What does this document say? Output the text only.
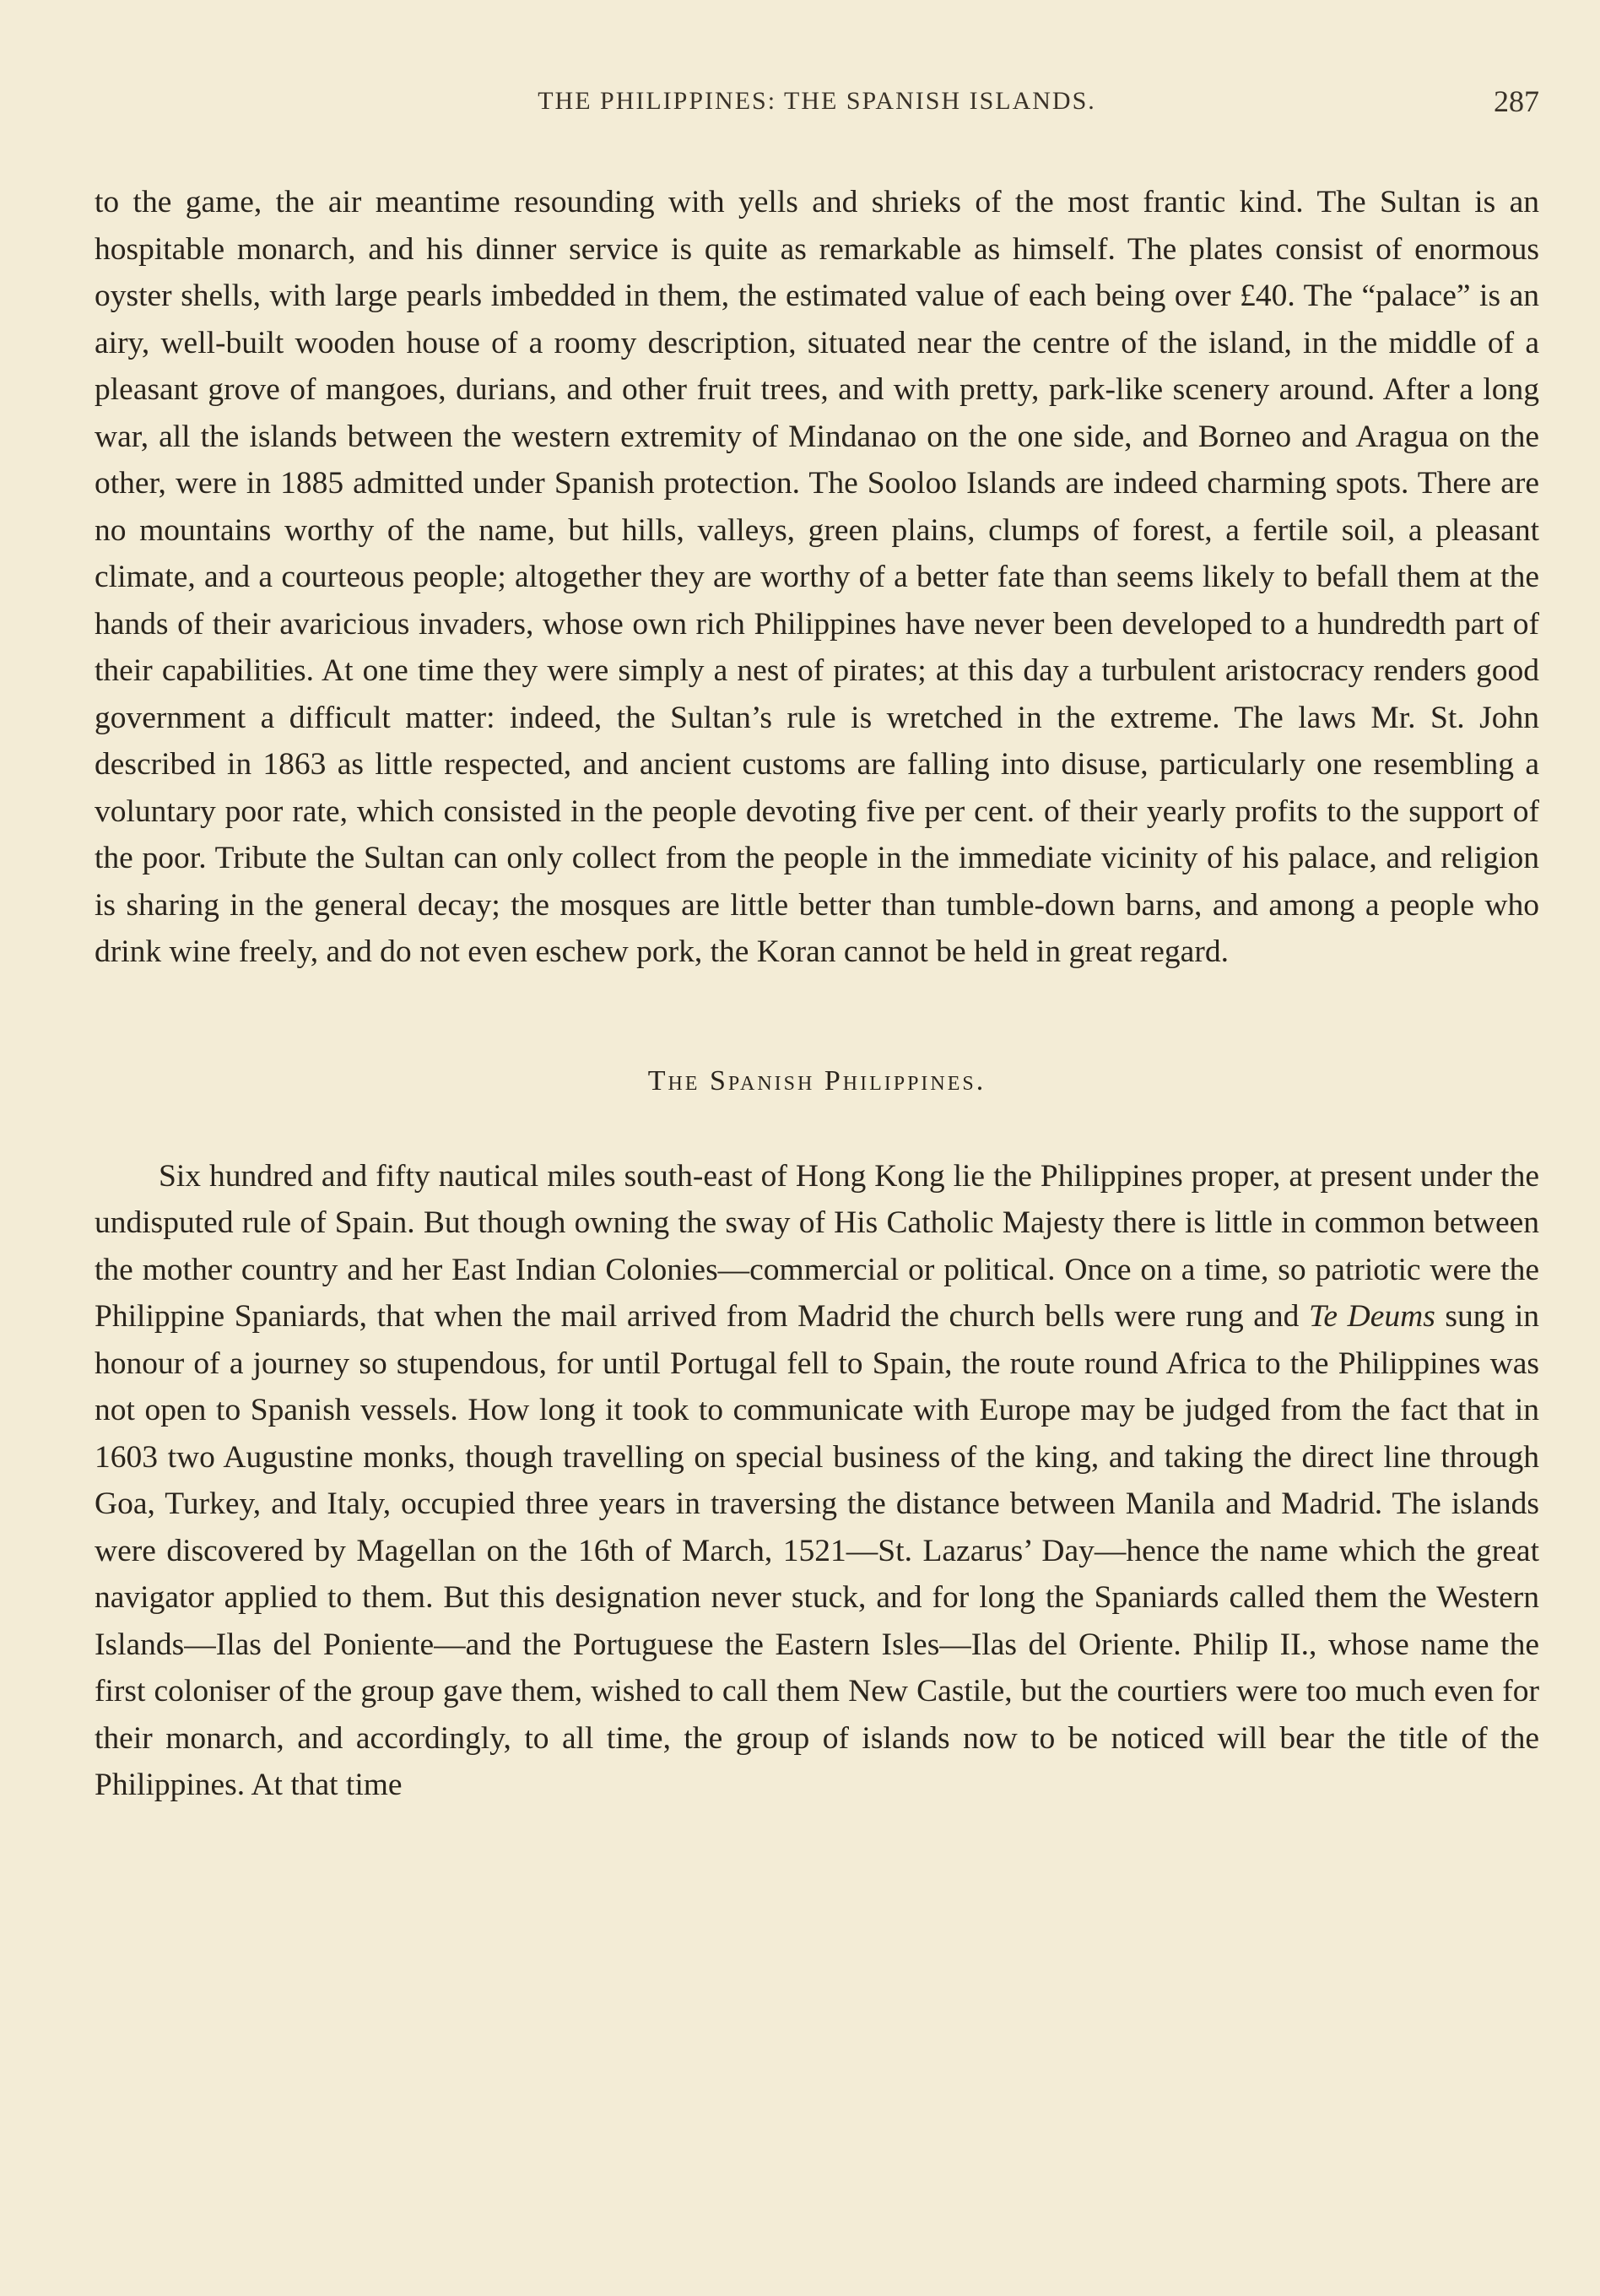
THE PHILIPPINES: THE SPANISH ISLANDS.	287

to the game, the air meantime resounding with yells and shrieks of the most frantic kind. The Sultan is an hospitable monarch, and his dinner service is quite as remarkable as himself. The plates consist of enormous oyster shells, with large pearls imbedded in them, the estimated value of each being over £40. The “palace” is an airy, well-built wooden house of a roomy description, situated near the centre of the island, in the middle of a pleasant grove of mangoes, durians, and other fruit trees, and with pretty, park-like scenery around. After a long war, all the islands between the western extremity of Mindanao on the one side, and Borneo and Aragua on the other, were in 1885 admitted under Spanish protection. The Sooloo Islands are indeed charming spots. There are no mountains worthy of the name, but hills, valleys, green plains, clumps of forest, a fertile soil, a pleasant climate, and a courteous people; altogether they are worthy of a better fate than seems likely to befall them at the hands of their avaricious invaders, whose own rich Philippines have never been developed to a hundredth part of their capabilities. At one time they were simply a nest of pirates; at this day a turbulent aristocracy renders good government a difficult matter: indeed, the Sultan’s rule is wretched in the extreme. The laws Mr. St. John described in 1863 as little respected, and ancient customs are falling into disuse, particularly one resembling a voluntary poor rate, which consisted in the people devoting five per cent. of their yearly profits to the support of the poor. Tribute the Sultan can only collect from the people in the immediate vicinity of his palace, and religion is sharing in the general decay; the mosques are little better than tumble-down barns, and among a people who drink wine freely, and do not even eschew pork, the Koran cannot be held in great regard.

The Spanish Philippines.

Six hundred and fifty nautical miles south-east of Hong Kong lie the Philippines proper, at present under the undisputed rule of Spain. But though owning the sway of His Catholic Majesty there is little in common between the mother country and her East Indian Colonies—commercial or political. Once on a time, so patriotic were the Philippine Spaniards, that when the mail arrived from Madrid the church bells were rung and Te Deums sung in honour of a journey so stupendous, for until Portugal fell to Spain, the route round Africa to the Philippines was not open to Spanish vessels. How long it took to communicate with Europe may be judged from the fact that in 1603 two Augustine monks, though travelling on special business of the king, and taking the direct line through Goa, Turkey, and Italy, occupied three years in traversing the distance between Manila and Madrid. The islands were discovered by Magellan on the 16th of March, 1521—St. Lazarus’ Day—hence the name which the great navigator applied to them. But this designation never stuck, and for long the Spaniards called them the Western Islands—Ilas del Poniente—and the Portuguese the Eastern Isles—Ilas del Oriente. Philip II., whose name the first coloniser of the group gave them, wished to call them New Castile, but the courtiers were too much even for their monarch, and accordingly, to all time, the group of islands now to be noticed will bear the title of the Philippines. At that time
